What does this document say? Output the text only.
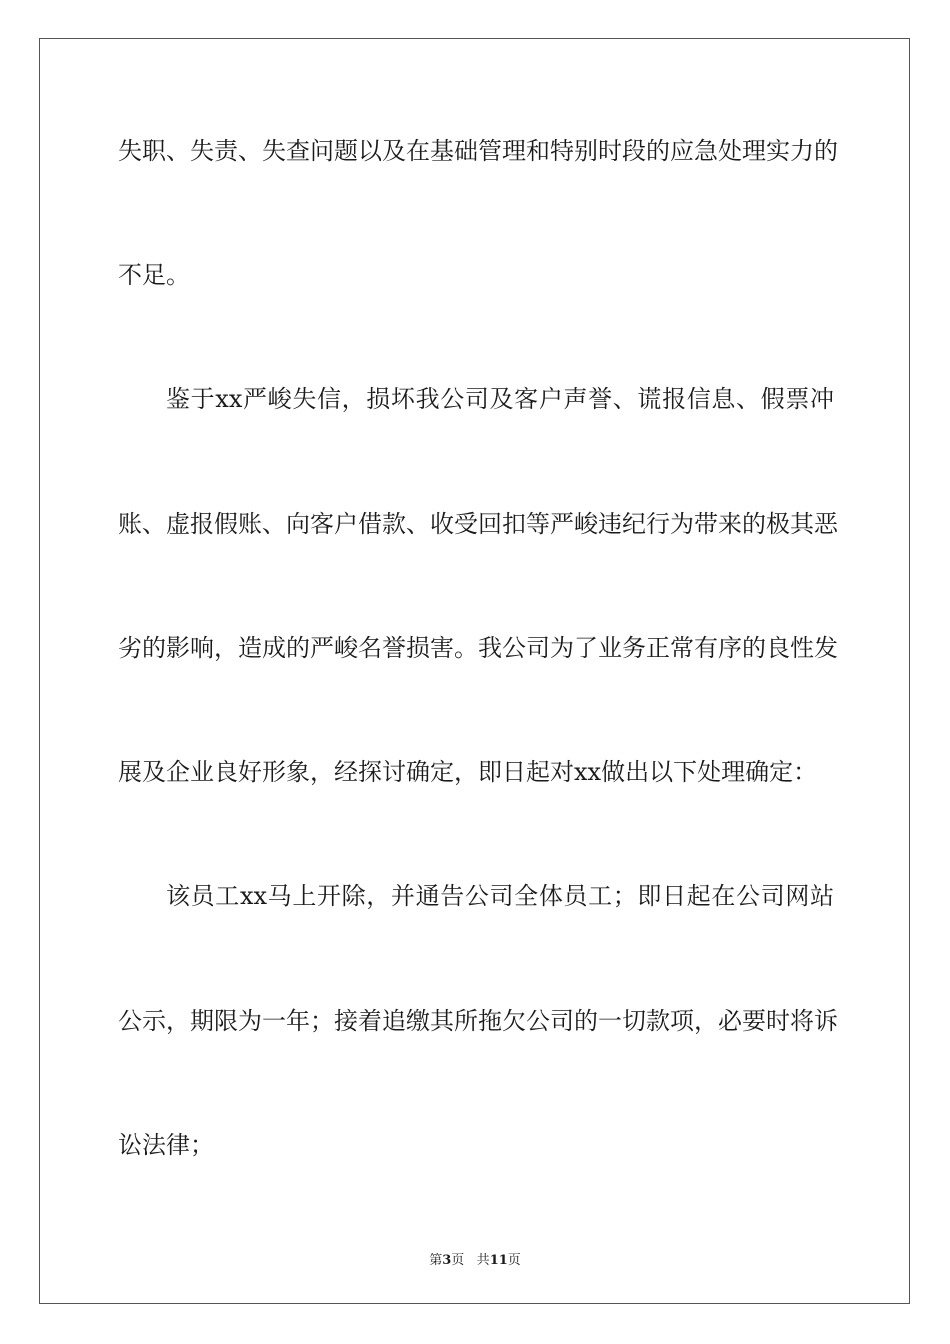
失职、失责、失查问题以及在基础管理和特别时段的应急处理实力的
不足。
鉴于xx严峻失信，损坏我公司及客户声誉、谎报信息、假票冲
账、虚报假账、向客户借款、收受回扣等严峻违纪行为带来的极其恶
劣的影响，造成的严峻名誉损害。我公司为了业务正常有序的良性发
展及企业良好形象，经探讨确定，即日起对xx做出以下处理确定：
该员工xx马上开除，并通告公司全体员工；即日起在公司网站
公示，期限为一年；接着追缴其所拖欠公司的一切款项，必要时将诉
讼法律；
第3页 共11页
